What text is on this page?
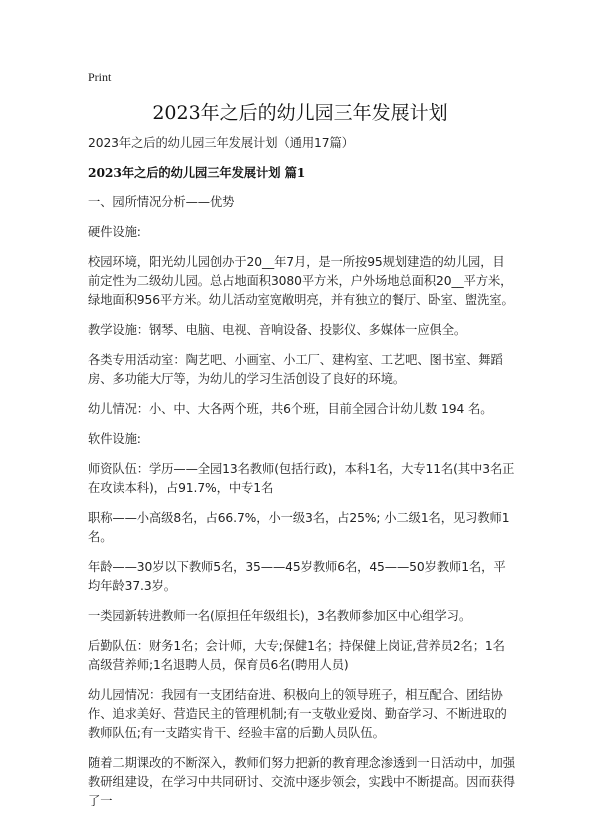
Print
2023年之后的幼儿园三年发展计划

2023年之后的幼儿园三年发展计划（通用17篇）

2023年之后的幼儿园三年发展计划 篇1

一、园所情况分析——优势

硬件设施:

校园环境，阳光幼儿园创办于20__年7月，是一所按95规划建造的幼儿园，目前定性为二级幼儿园。总占地面积3080平方米，户外场地总面积20__平方米，绿地面积956平方米。幼儿活动室宽敞明亮，并有独立的餐厅、卧室、盥洗室。

教学设施：钢琴、电脑、电视、音响设备、投影仪、多媒体一应俱全。

各类专用活动室：陶艺吧、小画室、小工厂、建构室、工艺吧、图书室、舞蹈房、多功能大厅等，为幼儿的学习生活创设了良好的环境。

幼儿情况：小、中、大各两个班，共6个班，目前全园合计幼儿数 194 名。

软件设施:

师资队伍：学历——全园13名教师(包括行政)，本科1名，大专11名(其中3名正在攻读本科)，占91.7%，中专1名

职称——小高级8名，占66.7%，小一级3名，占25%; 小二级1名，见习教师1名。

年龄——30岁以下教师5名，35——45岁教师6名，45——50岁教师1名，平均年龄37.3岁。

一类园新转进教师一名(原担任年级组长)，3名教师参加区中心组学习。

后勤队伍：财务1名；会计师，大专;保健1名；持保健上岗证,营养员2名；1名高级营养师;1名退聘人员，保育员6名(聘用人员)

幼儿园情况：我园有一支团结奋进、积极向上的领导班子，相互配合、团结协作、追求美好、营造民主的管理机制;有一支敬业爱岗、勤奋学习、不断进取的教师队伍;有一支踏实肯干、经验丰富的后勤人员队伍。

随着二期课改的不断深入，教师们努力把新的教育理念渗透到一日活动中，加强教研组建设，在学习中共同研讨、交流中逐步领会，实践中不断提高。因而获得了一
